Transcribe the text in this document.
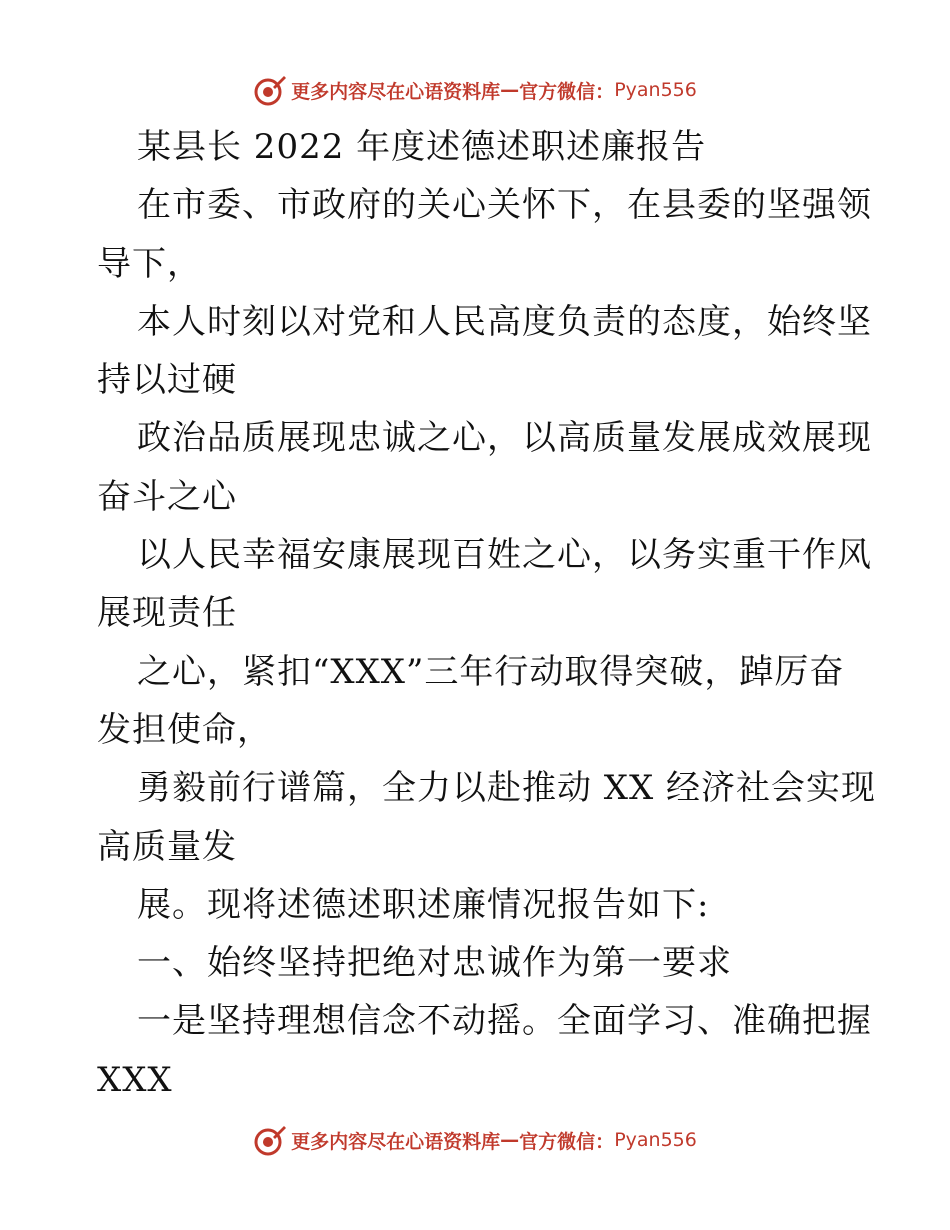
更多内容尽在心语资料库 — 官方微信： Pyan556
某县长 2022 年度述德述职述廉报告
在市委、市政府的关心关怀下，在县委的坚强领
导下，
本人时刻以对党和人民高度负责的态度，始终坚
持以过硬
政治品质展现忠诚之心，以高质量发展成效展现
奋斗之心
以人民幸福安康展现百姓之心，以务实重干作风
展现责任
之心，紧扣“XXX”三年行动取得突破，踔厉奋
发担使命，
勇毅前行谱篇，全力以赴推动 XX 经济社会实现
高质量发
展。现将述德述职述廉情况报告如下:
一、始终坚持把绝对忠诚作为第一要求
一是坚持理想信念不动摇。全面学习、准确把握
XXX
更多内容尽在心语资料库 — 官方微信： Pyan556
